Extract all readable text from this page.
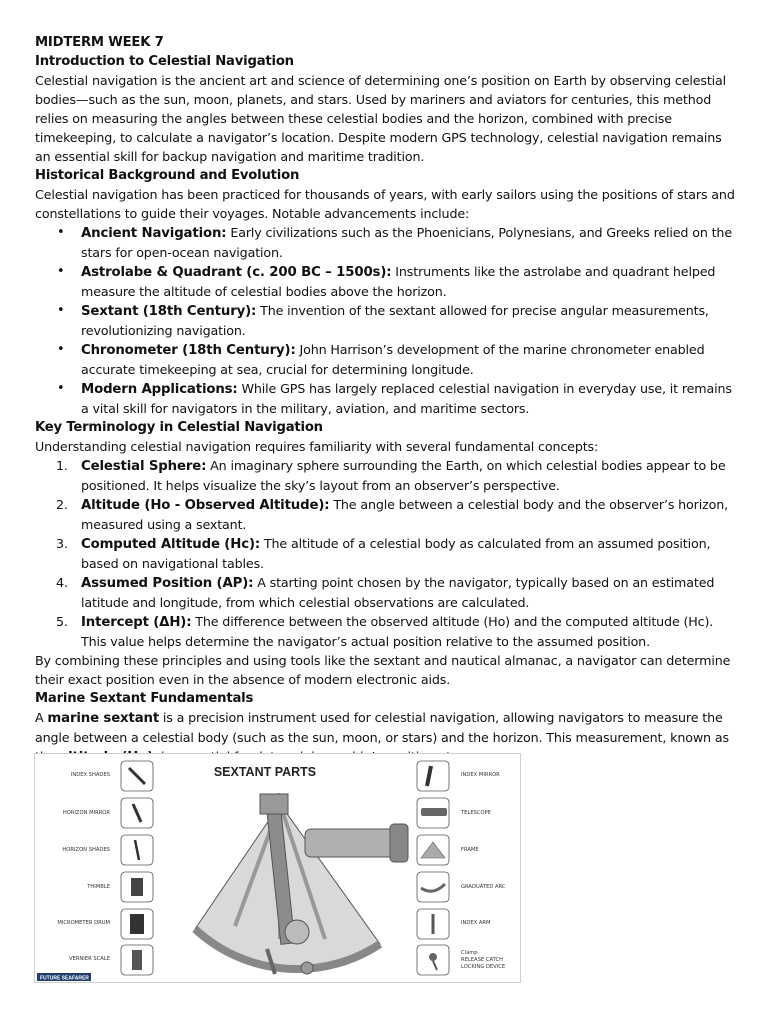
MIDTERM WEEK 7

Introduction to Celestial Navigation

Celestial navigation is the ancient art and science of determining one’s position on Earth by observing celestial bodies—such as the sun, moon, planets, and stars. Used by mariners and aviators for centuries, this method relies on measuring the angles between these celestial bodies and the horizon, combined with precise timekeeping, to calculate a navigator’s location. Despite modern GPS technology, celestial navigation remains an essential skill for backup navigation and maritime tradition.

Historical Background and Evolution

Celestial navigation has been practiced for thousands of years, with early sailors using the positions of stars and constellations to guide their voyages. Notable advancements include:

• Ancient Navigation: Early civilizations such as the Phoenicians, Polynesians, and Greeks relied on the stars for open-ocean navigation.
• Astrolabe & Quadrant (c. 200 BC – 1500s): Instruments like the astrolabe and quadrant helped measure the altitude of celestial bodies above the horizon.
• Sextant (18th Century): The invention of the sextant allowed for precise angular measurements, revolutionizing navigation.
• Chronometer (18th Century): John Harrison’s development of the marine chronometer enabled accurate timekeeping at sea, crucial for determining longitude.
• Modern Applications: While GPS has largely replaced celestial navigation in everyday use, it remains a vital skill for navigators in the military, aviation, and maritime sectors.

Key Terminology in Celestial Navigation

Understanding celestial navigation requires familiarity with several fundamental concepts:

1. Celestial Sphere: An imaginary sphere surrounding the Earth, on which celestial bodies appear to be positioned. It helps visualize the sky’s layout from an observer’s perspective.
2. Altitude (Ho - Observed Altitude): The angle between a celestial body and the observer’s horizon, measured using a sextant.
3. Computed Altitude (Hc): The altitude of a celestial body as calculated from an assumed position, based on navigational tables.
4. Assumed Position (AP): A starting point chosen by the navigator, typically based on an estimated latitude and longitude, from which celestial observations are calculated.
5. Intercept (ΔH): The difference between the observed altitude (Ho) and the computed altitude (Hc). This value helps determine the navigator’s actual position relative to the assumed position.

By combining these principles and using tools like the sextant and nautical almanac, a navigator can determine their exact position even in the absence of modern electronic aids.

Marine Sextant Fundamentals

A marine sextant is a precision instrument used for celestial navigation, allowing navigators to measure the angle between a celestial body (such as the sun, moon, or stars) and the horizon. This measurement, known as

INDEX SHADES
HORIZON MIRROR
HORIZON SHADES
THIMBLE
MICROMETER DRUM
VERNIER SCALE
SEXTANT PARTS	INDEX MIRROR
TELESCOPE
FRAME
GRADUATED ARC
INDEX ARM
Clamp
RELEASE CATCH
LOCKING DEVICE
FUTURE SEAFARER
